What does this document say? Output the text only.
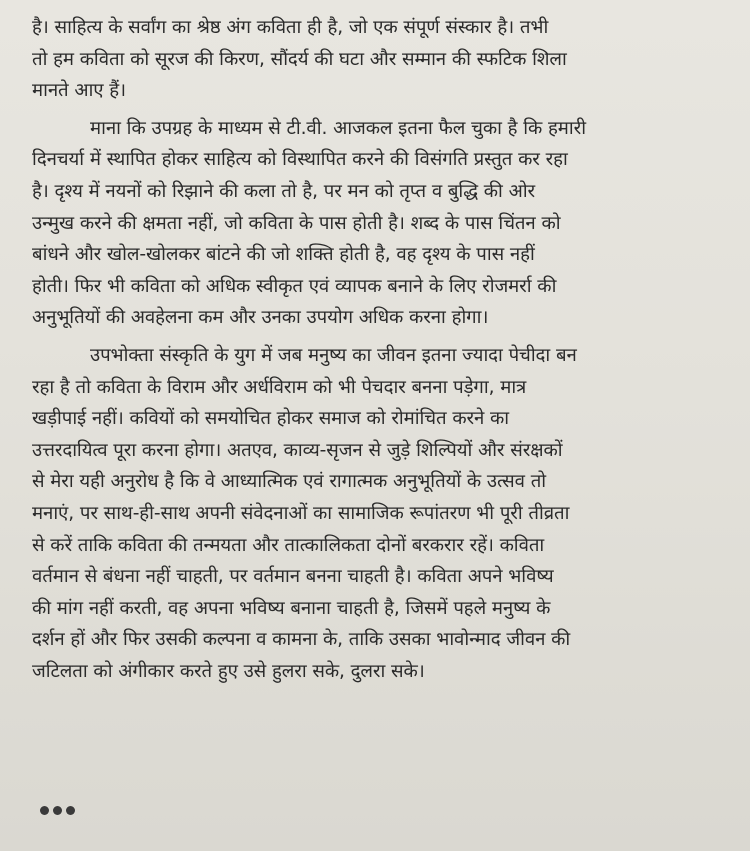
है। साहित्य के सर्वांग का श्रेष्ठ अंग कविता ही है, जो एक संपूर्ण संस्कार है। तभी
तो हम कविता को सूरज की किरण, सौंदर्य की घटा और सम्मान की स्फटिक शिला
मानते आए हैं।
माना कि उपग्रह के माध्यम से टी.वी. आजकल इतना फैल चुका है कि हमारी
दिनचर्या में स्थापित होकर साहित्य को विस्थापित करने की विसंगति प्रस्तुत कर रहा
है। दृश्य में नयनों को रिझाने की कला तो है, पर मन को तृप्त व बुद्धि की ओर
उन्मुख करने की क्षमता नहीं, जो कविता के पास होती है। शब्द के पास चिंतन को
बांधने और खोल-खोलकर बांटने की जो शक्ति होती है, वह दृश्य के पास नहीं
होती। फिर भी कविता को अधिक स्वीकृत एवं व्यापक बनाने के लिए रोजमर्रा की
अनुभूतियों की अवहेलना कम और उनका उपयोग अधिक करना होगा।
उपभोक्ता संस्कृति के युग में जब मनुष्य का जीवन इतना ज्यादा पेचीदा बन
रहा है तो कविता के विराम और अर्धविराम को भी पेचदार बनना पड़ेगा, मात्र
खड़ीपाई नहीं। कवियों को समयोचित होकर समाज को रोमांचित करने का
उत्तरदायित्व पूरा करना होगा। अतएव, काव्य-सृजन से जुड़े शिल्पियों और संरक्षकों
से मेरा यही अनुरोध है कि वे आध्यात्मिक एवं रागात्मक अनुभूतियों के उत्सव तो
मनाएं, पर साथ-ही-साथ अपनी संवेदनाओं का सामाजिक रूपांतरण भी पूरी तीव्रता
से करें ताकि कविता की तन्मयता और तात्कालिकता दोनों बरकरार रहें। कविता
वर्तमान से बंधना नहीं चाहती, पर वर्तमान बनना चाहती है। कविता अपने भविष्य
की मांग नहीं करती, वह अपना भविष्य बनाना चाहती है, जिसमें पहले मनुष्य के
दर्शन हों और फिर उसकी कल्पना व कामना के, ताकि उसका भावोन्माद जीवन की
जटिलता को अंगीकार करते हुए उसे हुलरा सके, दुलरा सके।
